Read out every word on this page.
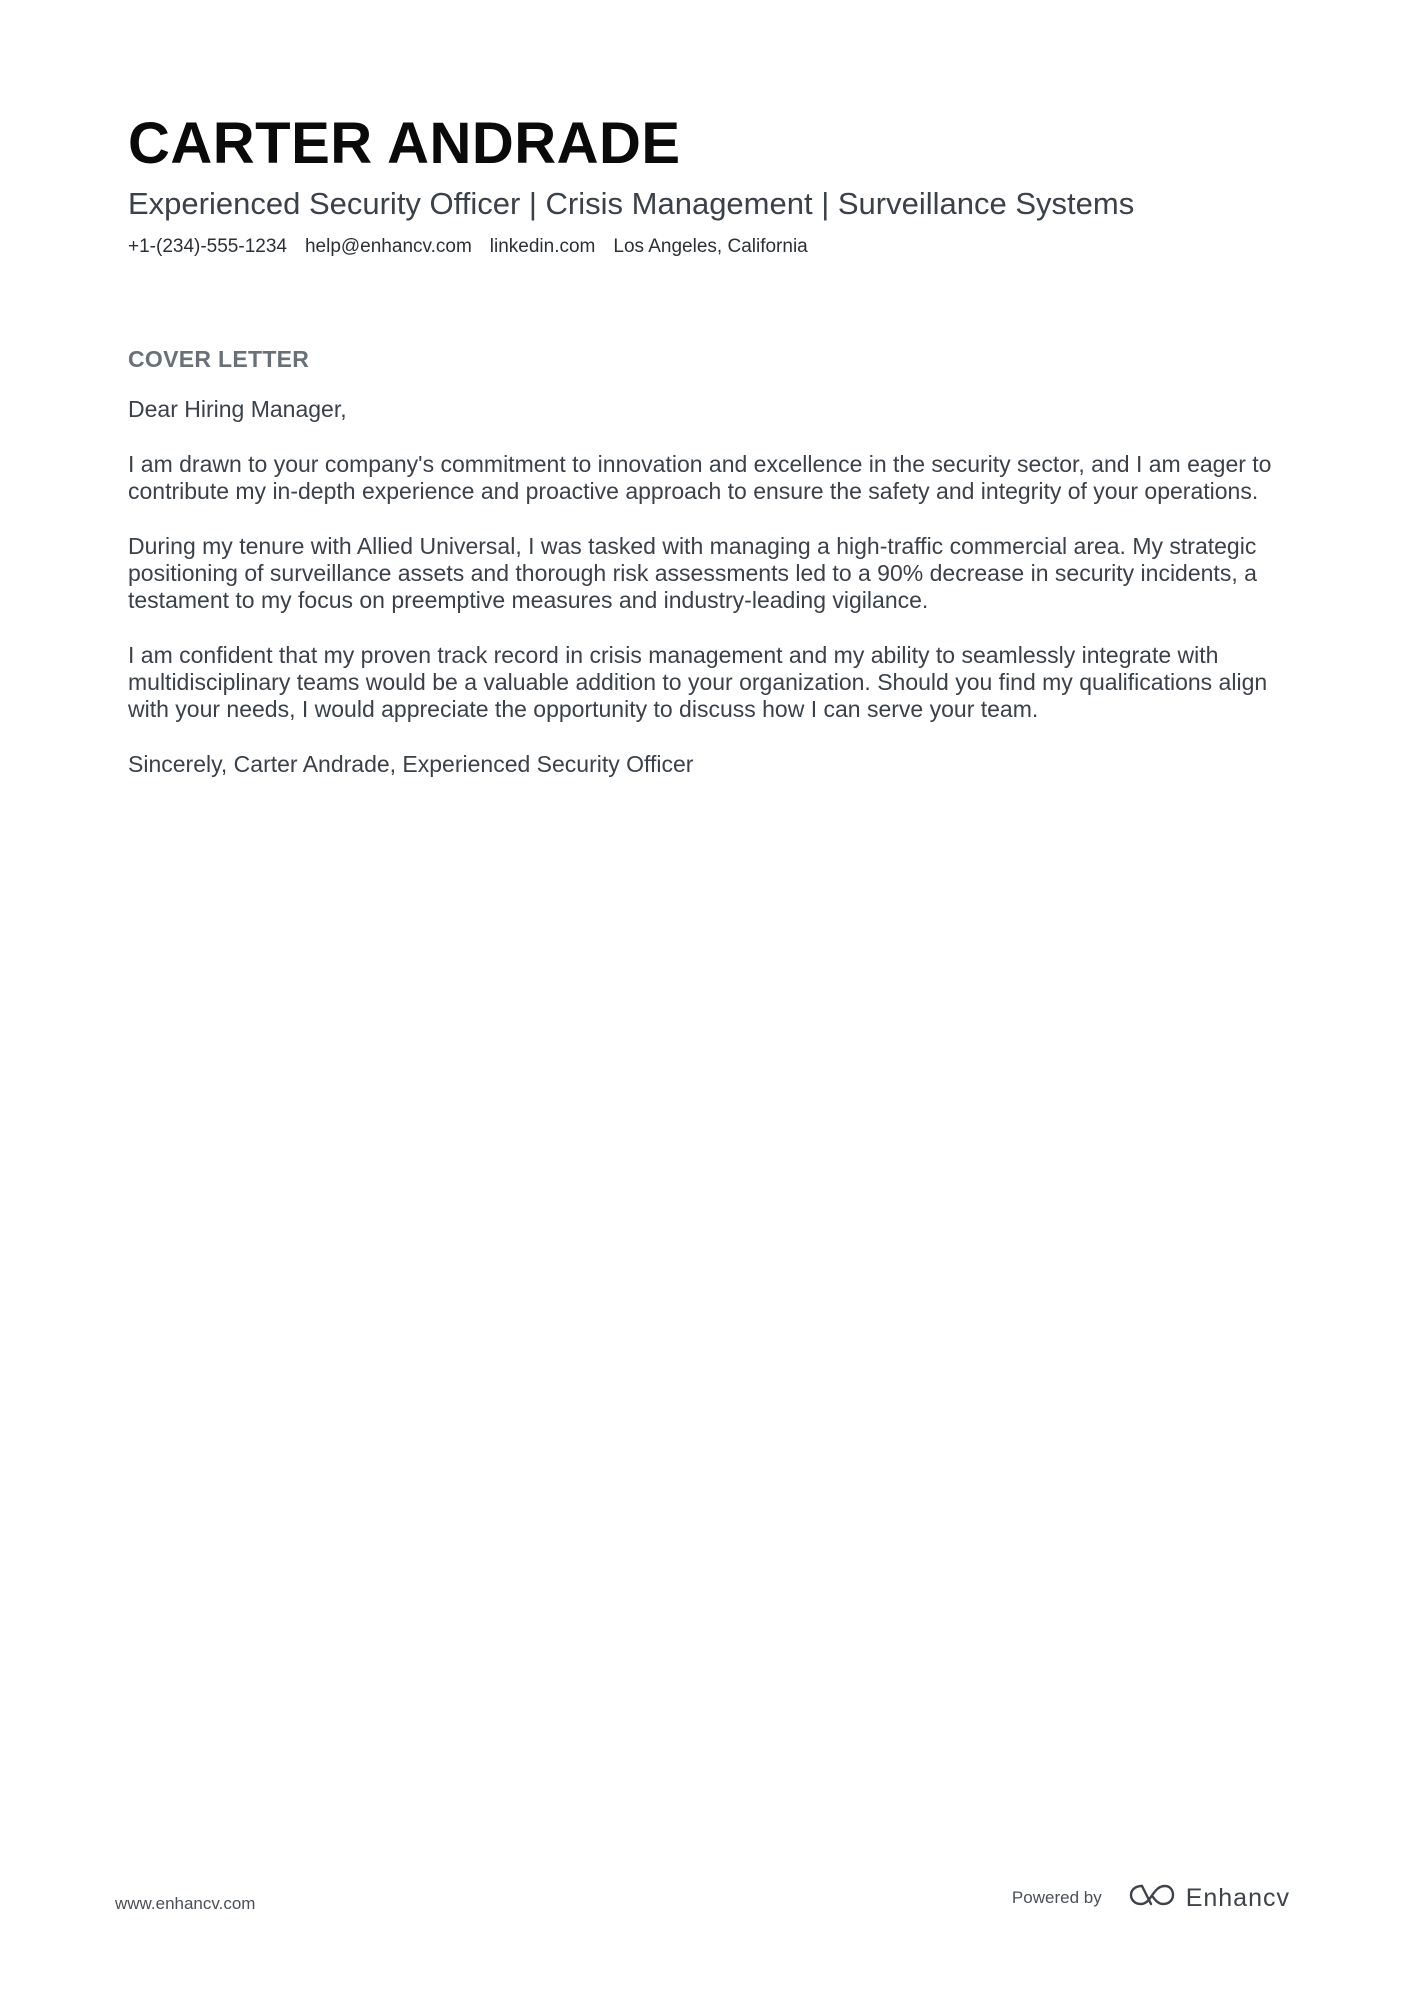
CARTER ANDRADE
Experienced Security Officer | Crisis Management | Surveillance Systems
+1-(234)-555-1234 help@enhancv.com linkedin.com Los Angeles, California
COVER LETTER

Dear Hiring Manager,

I am drawn to your company's commitment to innovation and excellence in the security sector, and I am eager to contribute my in-depth experience and proactive approach to ensure the safety and integrity of your operations.

During my tenure with Allied Universal, I was tasked with managing a high-traffic commercial area. My strategic positioning of surveillance assets and thorough risk assessments led to a 90% decrease in security incidents, a testament to my focus on preemptive measures and industry-leading vigilance.

I am confident that my proven track record in crisis management and my ability to seamlessly integrate with multidisciplinary teams would be a valuable addition to your organization. Should you find my qualifications align with your needs, I would appreciate the opportunity to discuss how I can serve your team.

Sincerely, Carter Andrade, Experienced Security Officer

www.enhancv.com	Powered by	Enhancv
